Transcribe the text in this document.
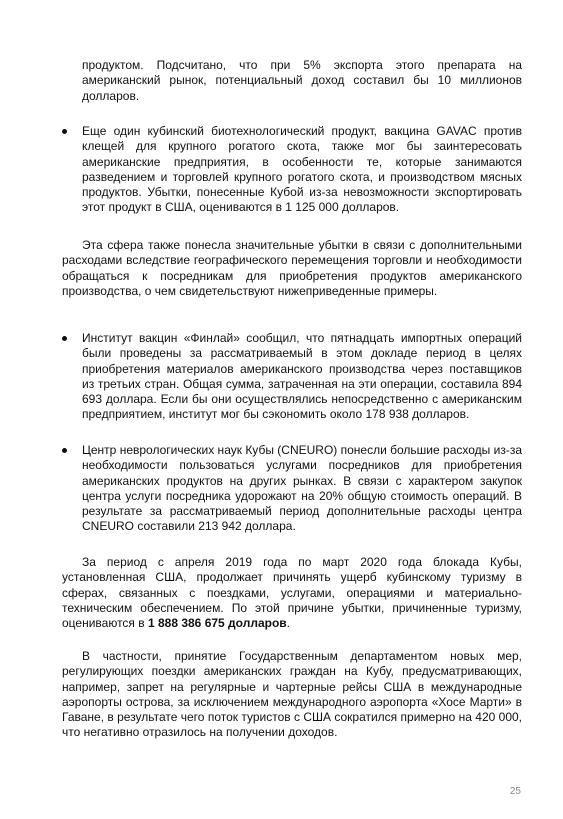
продуктом. Подсчитано, что при 5% экспорта этого препарата на американский рынок, потенциальный доход составил бы 10 миллионов долларов.

Еще один кубинский биотехнологический продукт, вакцина GAVAC против клещей для крупного рогатого скота, также мог бы заинтересовать американские предприятия, в особенности те, которые занимаются разведением и торговлей крупного рогатого скота, и производством мясных продуктов. Убытки, понесенные Кубой из-за невозможности экспортировать этот продукт в США, оцениваются в 1 125 000 долларов.

Эта сфера также понесла значительные убытки в связи с дополнительными расходами вследствие географического перемещения торговли и необходимости обращаться к посредникам для приобретения продуктов американского производства, о чем свидетельствуют нижеприведенные примеры.

Институт вакцин «Финлай» сообщил, что пятнадцать импортных операций были проведены за рассматриваемый в этом докладе период в целях приобретения материалов американского производства через поставщиков из третьих стран. Общая сумма, затраченная на эти операции, составила 894 693 доллара. Если бы они осуществлялись непосредственно с американским предприятием, институт мог бы сэкономить около 178 938 долларов.

Центр неврологических наук Кубы (CNEURO) понесли большие расходы из-за необходимости пользоваться услугами посредников для приобретения американских продуктов на других рынках. В связи с характером закупок центра услуги посредника удорожают на 20% общую стоимость операций. В результате за рассматриваемый период дополнительные расходы центра CNEURO составили 213 942 доллара.

За период с апреля 2019 года по март 2020 года блокада Кубы, установленная США, продолжает причинять ущерб кубинскому туризму в сферах, связанных с поездками, услугами, операциями и материально-техническим обеспечением. По этой причине убытки, причиненные туризму, оцениваются в 1 888 386 675 долларов.

В частности, принятие Государственным департаментом новых мер, регулирующих поездки американских граждан на Кубу, предусматривающих, например, запрет на регулярные и чартерные рейсы США в международные аэропорты острова, за исключением международного аэропорта «Хосе Марти» в Гаване, в результате чего поток туристов с США сократился примерно на 420 000, что негативно отразилось на получении доходов.

25
